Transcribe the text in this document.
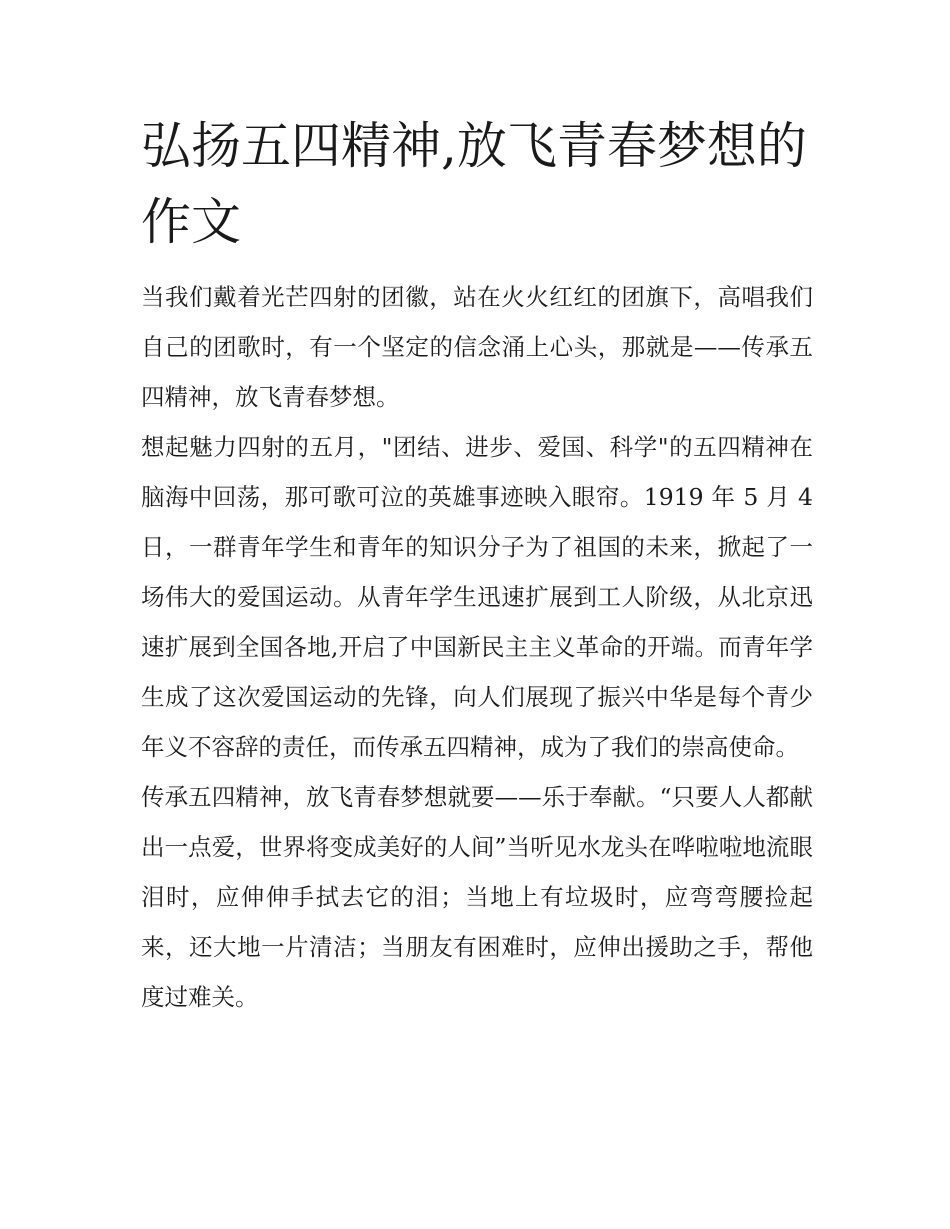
弘扬五四精神,放飞青春梦想的作文

当我们戴着光芒四射的团徽，站在火火红红的团旗下，高唱我们自己的团歌时，有一个坚定的信念涌上心头，那就是——传承五四精神，放飞青春梦想。

想起魅力四射的五月，"团结、进步、爱国、科学"的五四精神在脑海中回荡，那可歌可泣的英雄事迹映入眼帘。1919 年 5 月 4 日，一群青年学生和青年的知识分子为了祖国的未来，掀起了一场伟大的爱国运动。从青年学生迅速扩展到工人阶级，从北京迅速扩展到全国各地,开启了中国新民主主义革命的开端。而青年学生成了这次爱国运动的先锋，向人们展现了振兴中华是每个青少年义不容辞的责任，而传承五四精神，成为了我们的崇高使命。

传承五四精神，放飞青春梦想就要——乐于奉献。“只要人人都献出一点爱，世界将变成美好的人间”当听见水龙头在哗啦啦地流眼泪时，应伸伸手拭去它的泪；当地上有垃圾时，应弯弯腰捡起来，还大地一片清洁；当朋友有困难时，应伸出援助之手，帮他度过难关。
